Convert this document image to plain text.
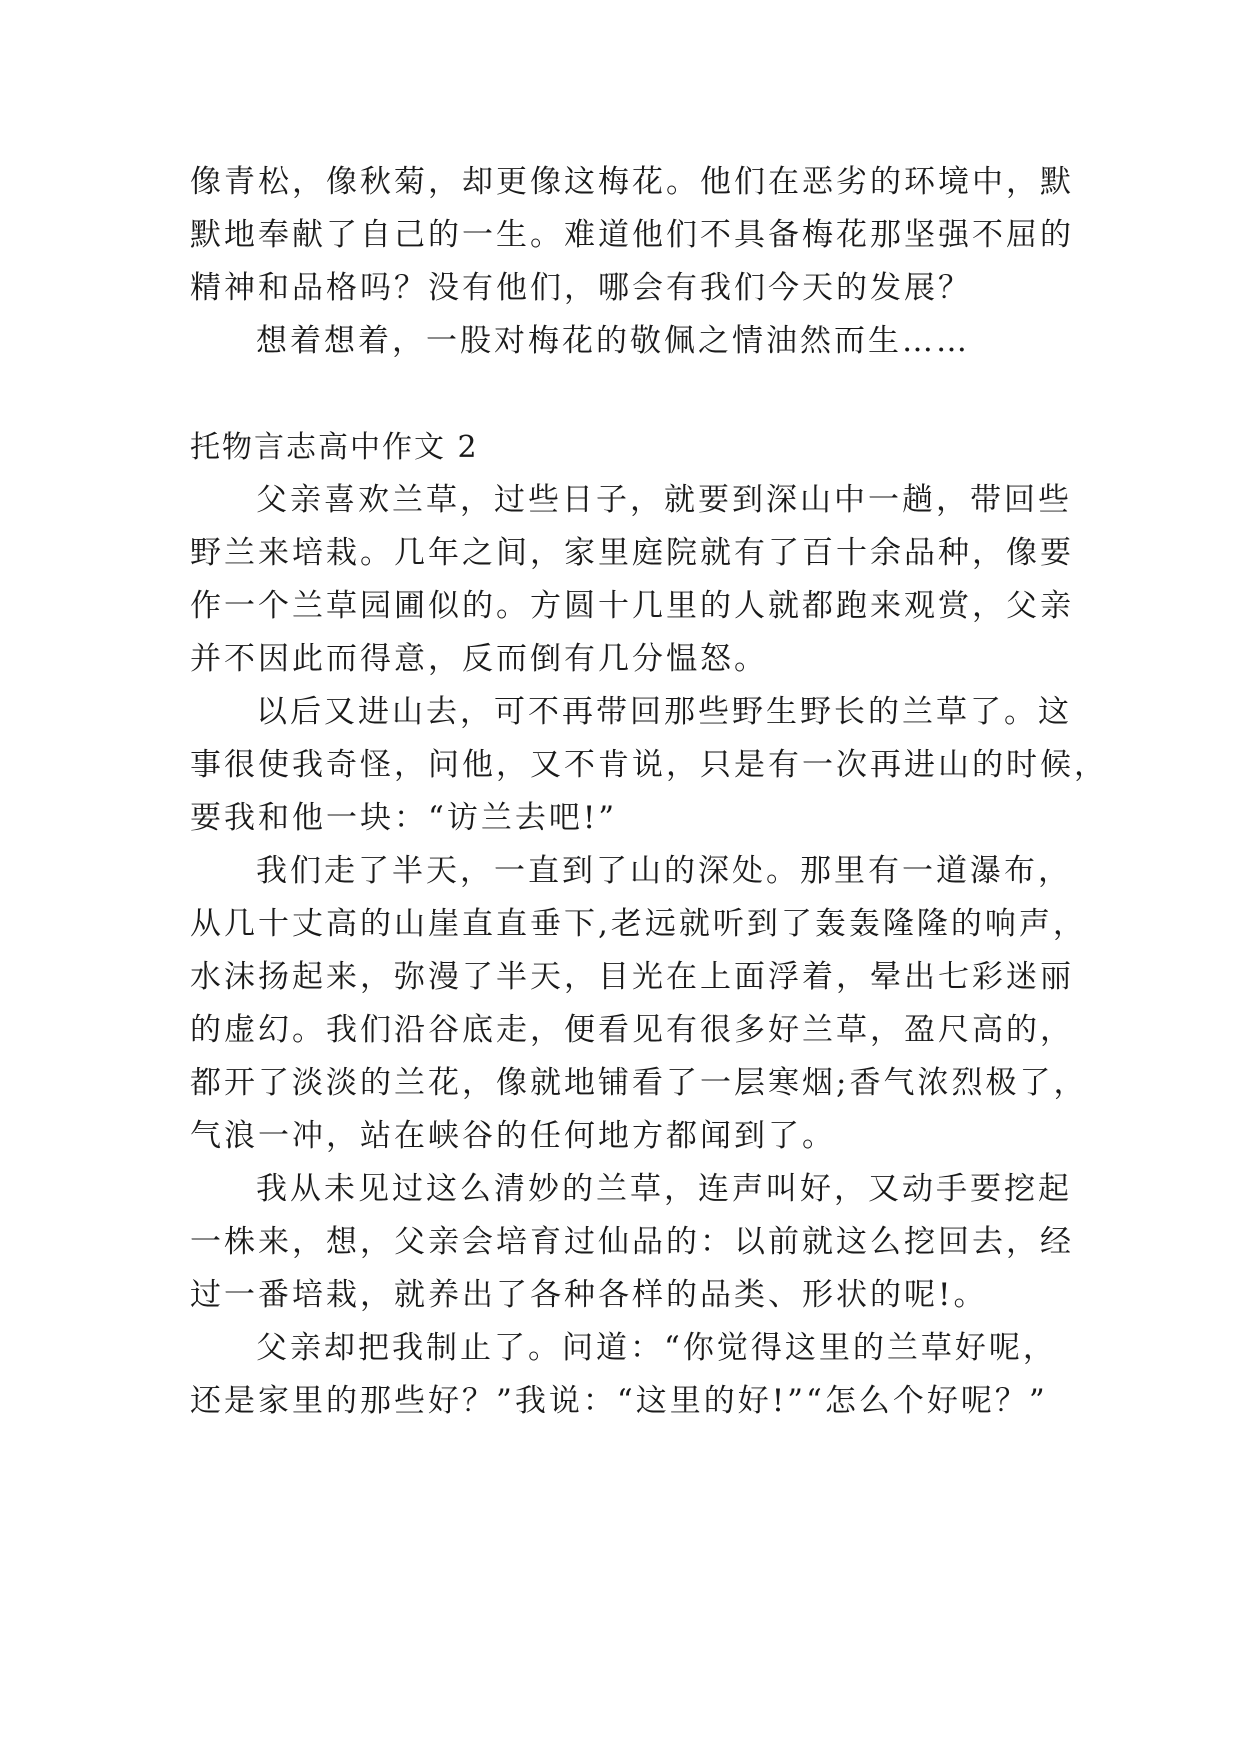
像青松，像秋菊，却更像这梅花。他们在恶劣的环境中，默
默地奉献了自己的一生。难道他们不具备梅花那坚强不屈的
精神和品格吗？没有他们，哪会有我们今天的发展？
想着想着，一股对梅花的敬佩之情油然而生……
托物言志高中作文 2
父亲喜欢兰草，过些日子，就要到深山中一趟，带回些
野兰来培栽。几年之间，家里庭院就有了百十余品种，像要
作一个兰草园圃似的。方圆十几里的人就都跑来观赏，父亲
并不因此而得意，反而倒有几分愠怒。
以后又进山去，可不再带回那些野生野长的兰草了。这
事很使我奇怪，问他，又不肯说，只是有一次再进山的时候，
要我和他一块：“访兰去吧!”
我们走了半天，一直到了山的深处。那里有一道瀑布，
从几十丈高的山崖直直垂下,老远就听到了轰轰隆隆的响声，
水沫扬起来，弥漫了半天，目光在上面浮着，晕出七彩迷丽
的虚幻。我们沿谷底走，便看见有很多好兰草，盈尺高的，
都开了淡淡的兰花，像就地铺看了一层寒烟;香气浓烈极了，
气浪一冲，站在峡谷的任何地方都闻到了。
我从未见过这么清妙的兰草，连声叫好，又动手要挖起
一株来，想，父亲会培育过仙品的：以前就这么挖回去，经
过一番培栽，就养出了各种各样的品类、形状的呢!。
父亲却把我制止了。问道：“你觉得这里的兰草好呢，
还是家里的那些好？”我说：“这里的好!”“怎么个好呢？”
